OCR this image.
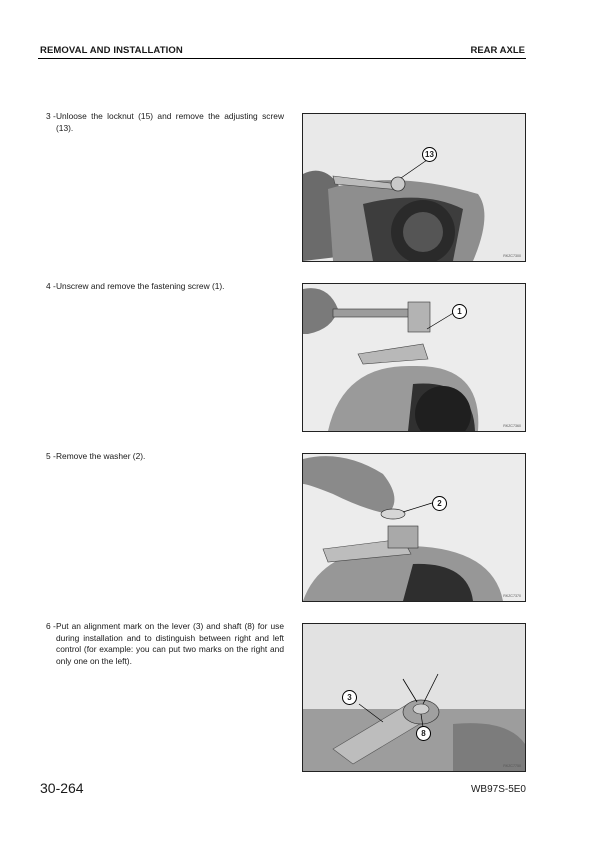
REMOVAL AND INSTALLATION	REAR AXLE
3 - Unloose the locknut (15) and remove the adjusting screw (13).
13
RKZC7300
4 - Unscrew and remove the fastening screw (1).
1
RKZC7360
5 - Remove the washer (2).
2
RKZC7370
6 - Put an alignment mark on the lever (3) and shaft (8) for use during installation and to distinguish between right and left control (for example: you can put two marks on the right and only one on the left).
3
8
RKZC7750
30-264	WB97S-5E0
